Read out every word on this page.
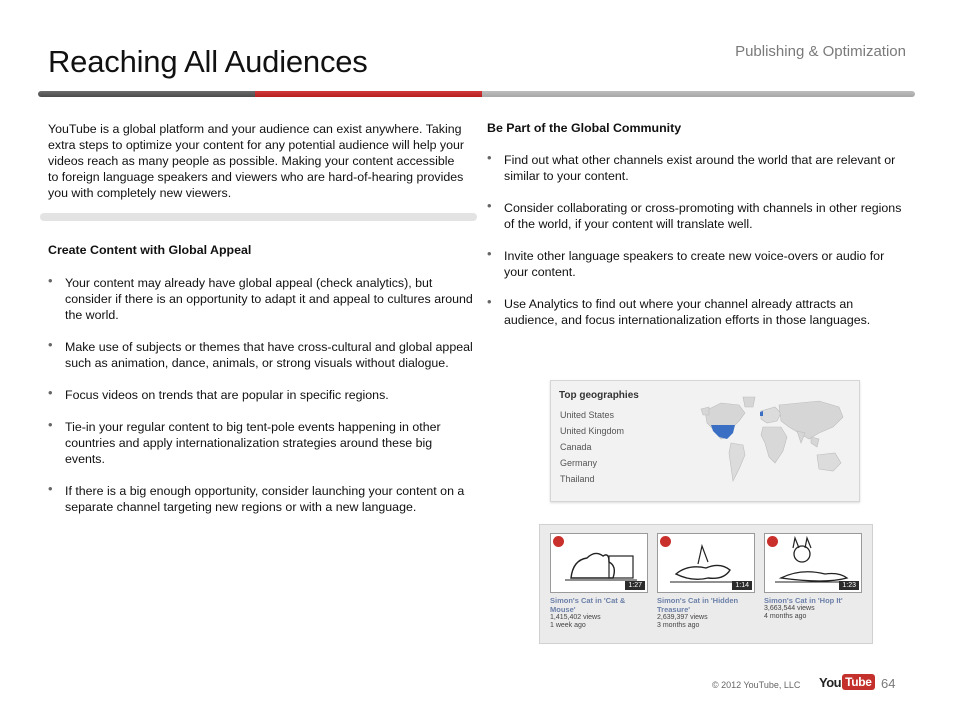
Reaching All Audiences	Publishing & Optimization
YouTube is a global platform and your audience can exist anywhere. Taking extra steps to optimize your content for any potential audience will help your videos reach as many people as possible. Making your content accessible to foreign language speakers and viewers who are hard-of-hearing provides you with completely new viewers.
Create Content with Global Appeal
• Your content may already have global appeal (check analytics), but consider if there is an opportunity to adapt it and appeal to cultures around the world.
• Make use of subjects or themes that have cross-cultural and global appeal such as animation, dance, animals, or strong visuals without dialogue.
• Focus videos on trends that are popular in specific regions.
• Tie-in your regular content to big tent-pole events happening in other countries and apply internationalization strategies around these big events.
• If there is a big enough opportunity, consider launching your content on a separate channel targeting new regions or with a new language.
Be Part of the Global Community
• Find out what other channels exist around the world that are relevant or similar to your content.
• Consider collaborating or cross-promoting with channels in other regions of the world, if your content will translate well.
• Invite other language speakers to create new voice-overs or audio for your content.
• Use Analytics to find out where your channel already attracts an audience, and focus internationalization efforts in those languages.
Top geographies
United States
United Kingdom
Canada
Germany
Thailand
1:27
Simon's Cat in 'Cat & Mouse'
1,415,402 views
1 week ago
1:14
Simon's Cat in 'Hidden Treasure'
2,639,397 views
3 months ago
1:23
Simon's Cat in 'Hop It'
3,663,544 views
4 months ago
© 2012 YouTube, LLC You Tube 64
